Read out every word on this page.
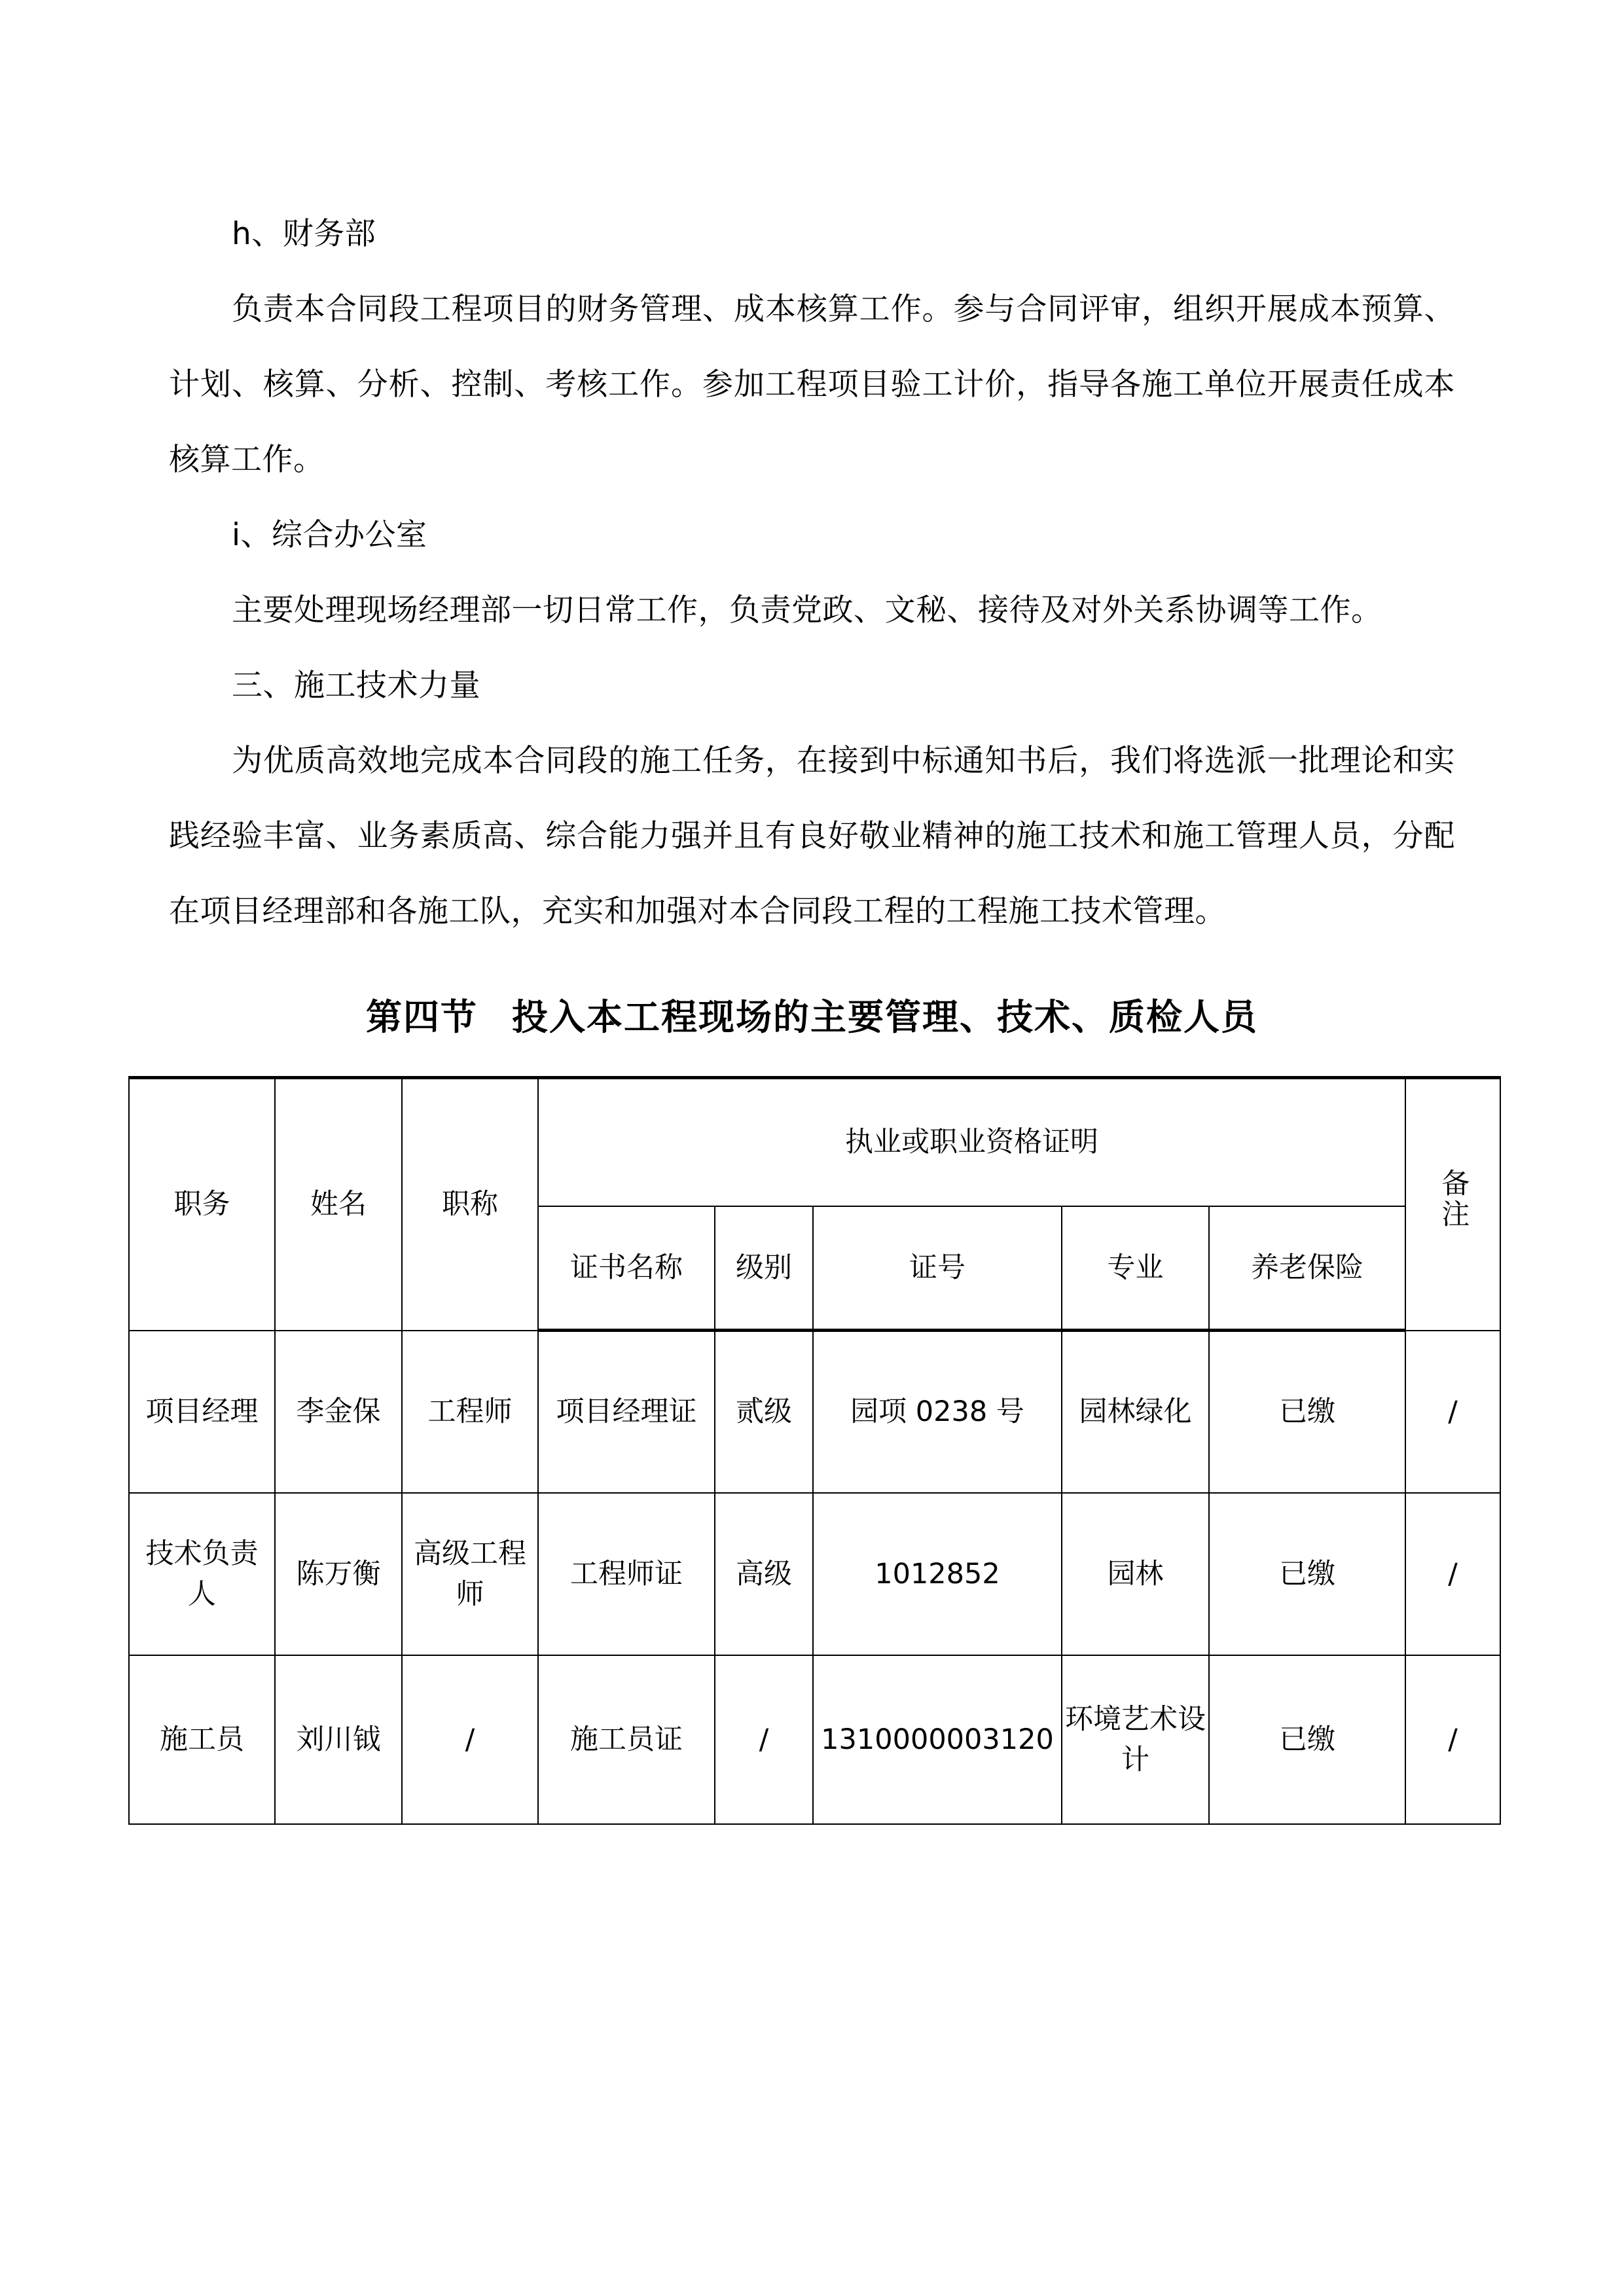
h、财务部

负责本合同段工程项目的财务管理、成本核算工作。参与合同评审，组织开展成本预算、计划、核算、分析、控制、考核工作。参加工程项目验工计价，指导各施工单位开展责任成本核算工作。

i、综合办公室

主要处理现场经理部一切日常工作，负责党政、文秘、接待及对外关系协调等工作。

三、施工技术力量

为优质高效地完成本合同段的施工任务，在接到中标通知书后，我们将选派一批理论和实践经验丰富、业务素质高、综合能力强并且有良好敬业精神的施工技术和施工管理人员，分配在项目经理部和各施工队，充实和加强对本合同段工程的工程施工技术管理。

第四节 投入本工程现场的主要管理、技术、质检人员
职务	姓名	职称	执业或职业资格证明					备注
			证书名称	级别	证号	专业	养老保险	
项目经理	李金保	工程师	项目经理证	贰级	园项 0238 号	园林绿化	已缴	/
技术负责人	陈万衡	高级工程师	工程师证	高级	1012852	园林	已缴	/
施工员	刘川钺	/	施工员证	/	1310000003120	环境艺术设计	已缴	/
